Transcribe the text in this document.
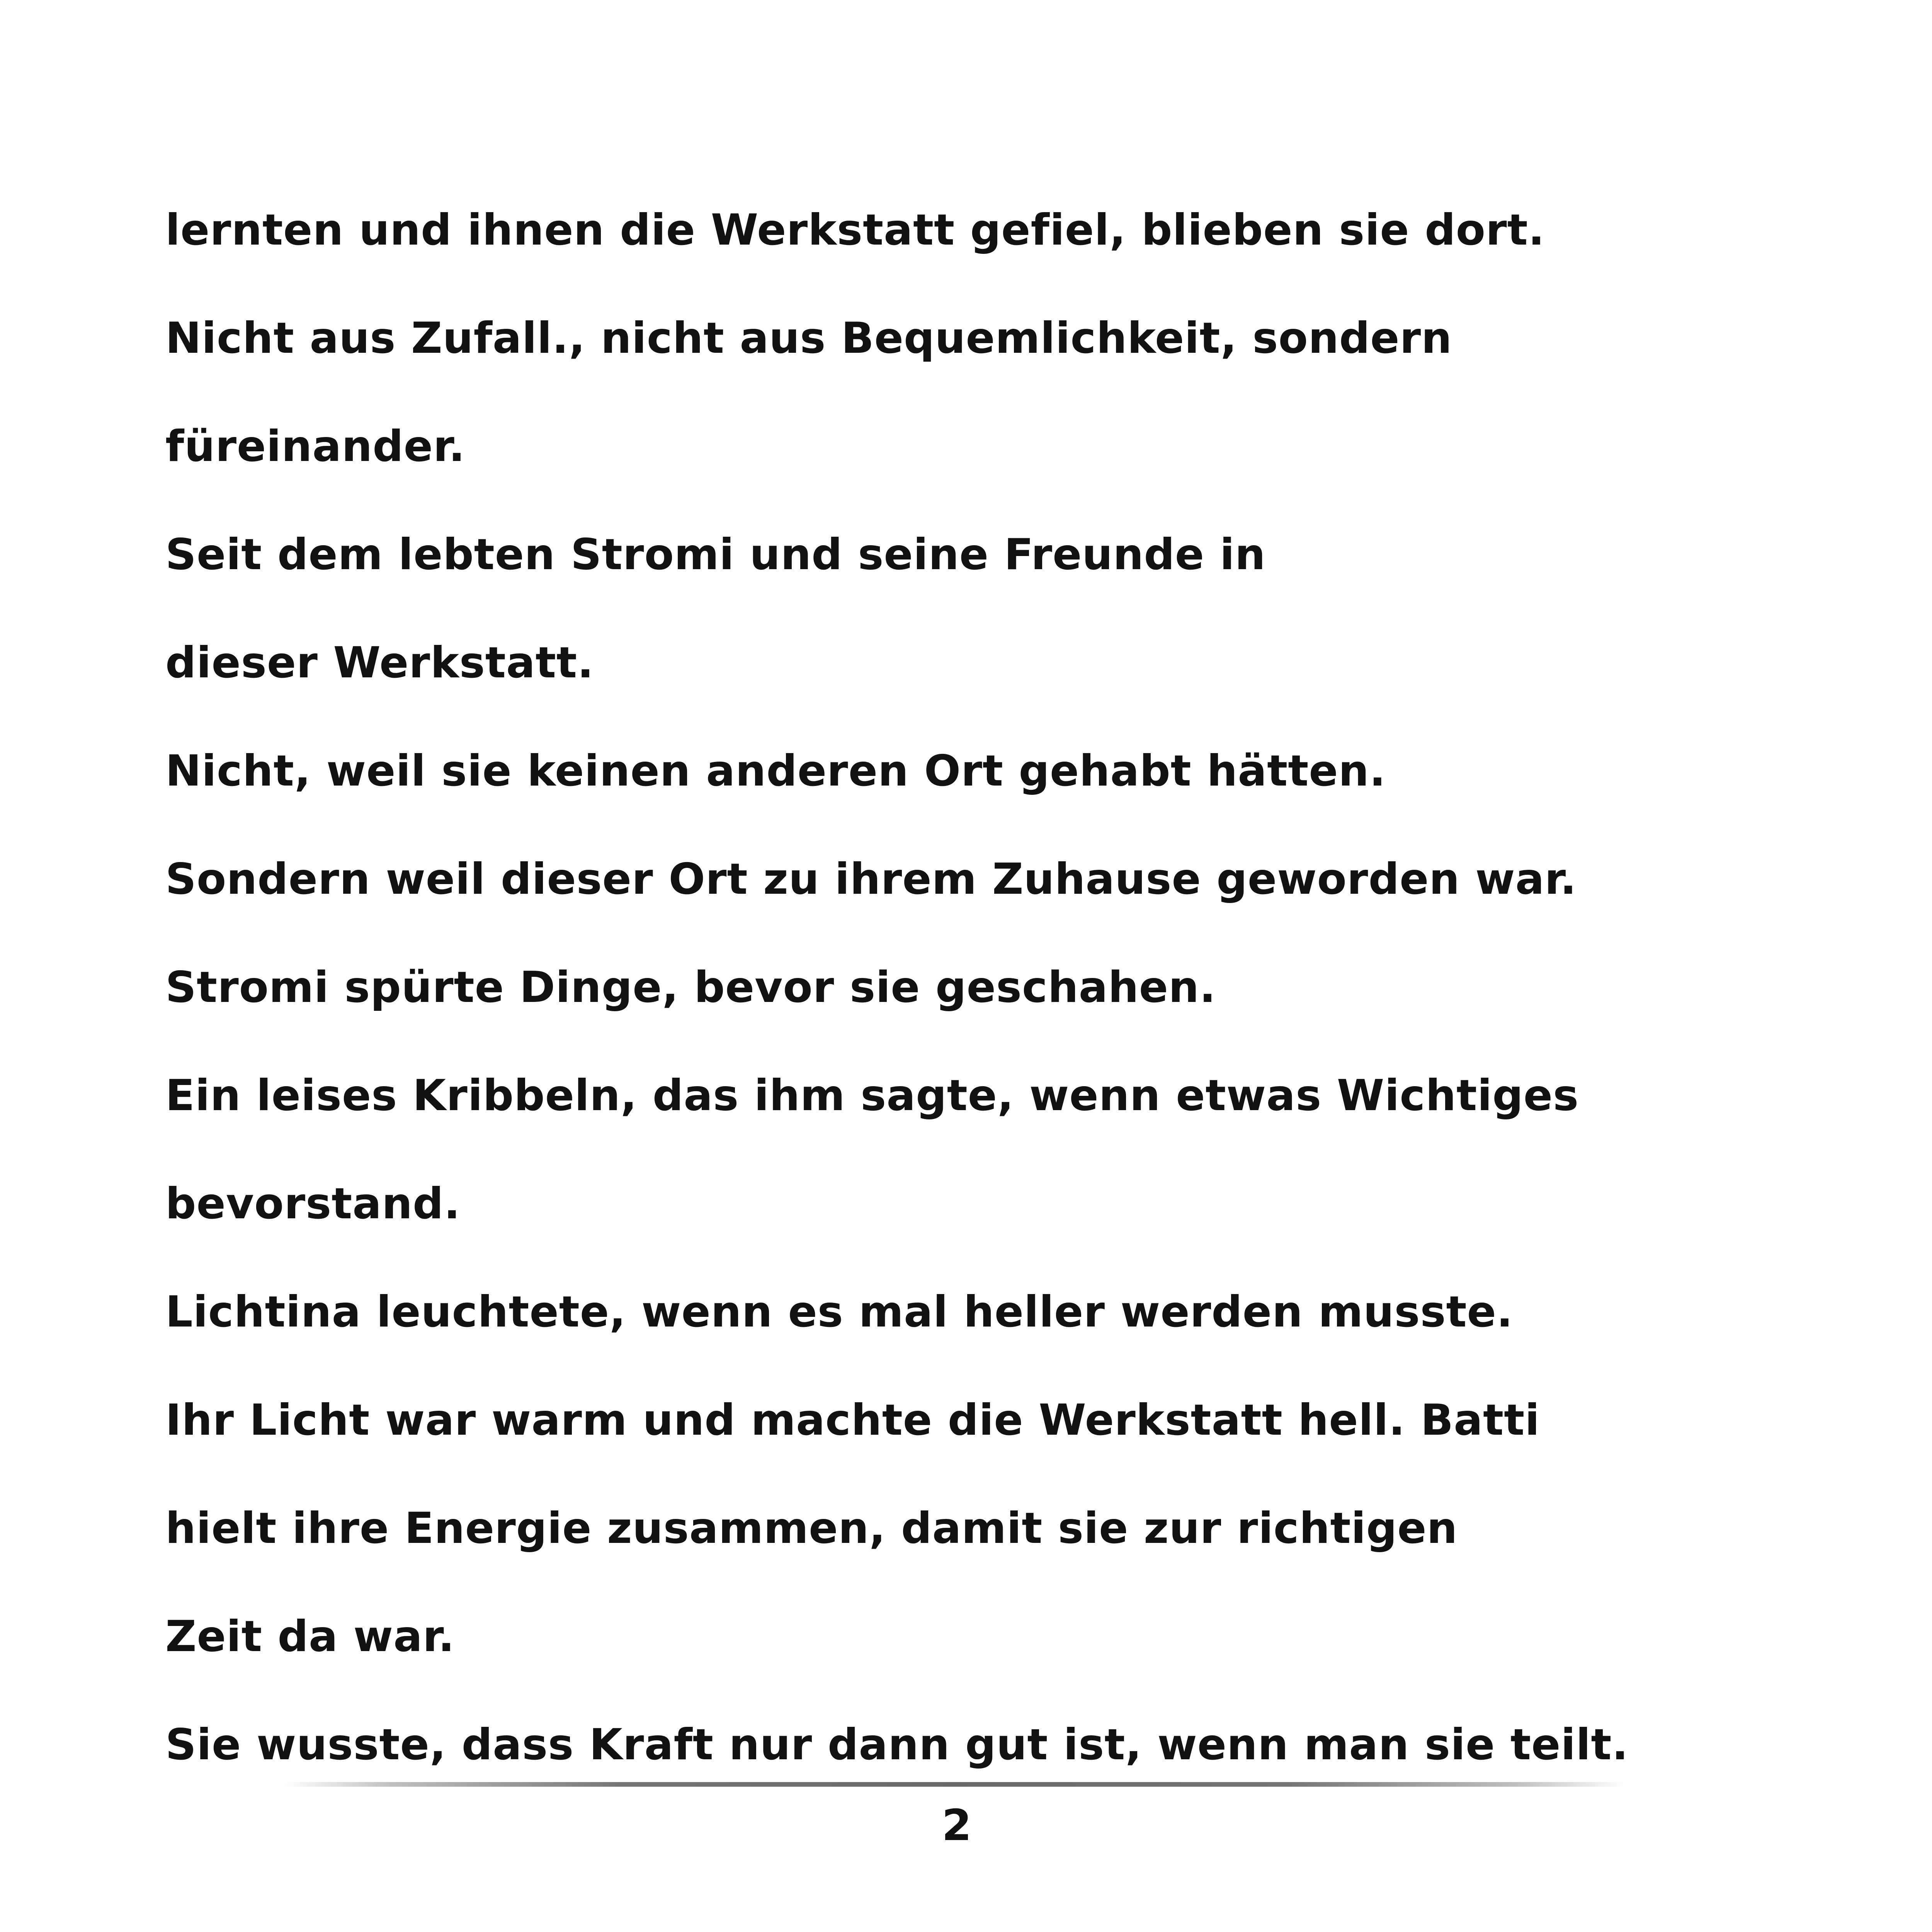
lernten und ihnen die Werkstatt gefiel, blieben sie dort.
Nicht aus Zufall., nicht aus Bequemlichkeit, sondern
füreinander.
Seit dem lebten Stromi und seine Freunde in
dieser Werkstatt.
Nicht, weil sie keinen anderen Ort gehabt hätten.
Sondern weil dieser Ort zu ihrem Zuhause geworden war.
Stromi spürte Dinge, bevor sie geschahen.
Ein leises Kribbeln, das ihm sagte, wenn etwas Wichtiges
bevorstand.
Lichtina leuchtete, wenn es mal heller werden musste.
Ihr Licht war warm und machte die Werkstatt hell. Batti
hielt ihre Energie zusammen, damit sie zur richtigen
Zeit da war.
Sie wusste, dass Kraft nur dann gut ist, wenn man sie teilt.
2
